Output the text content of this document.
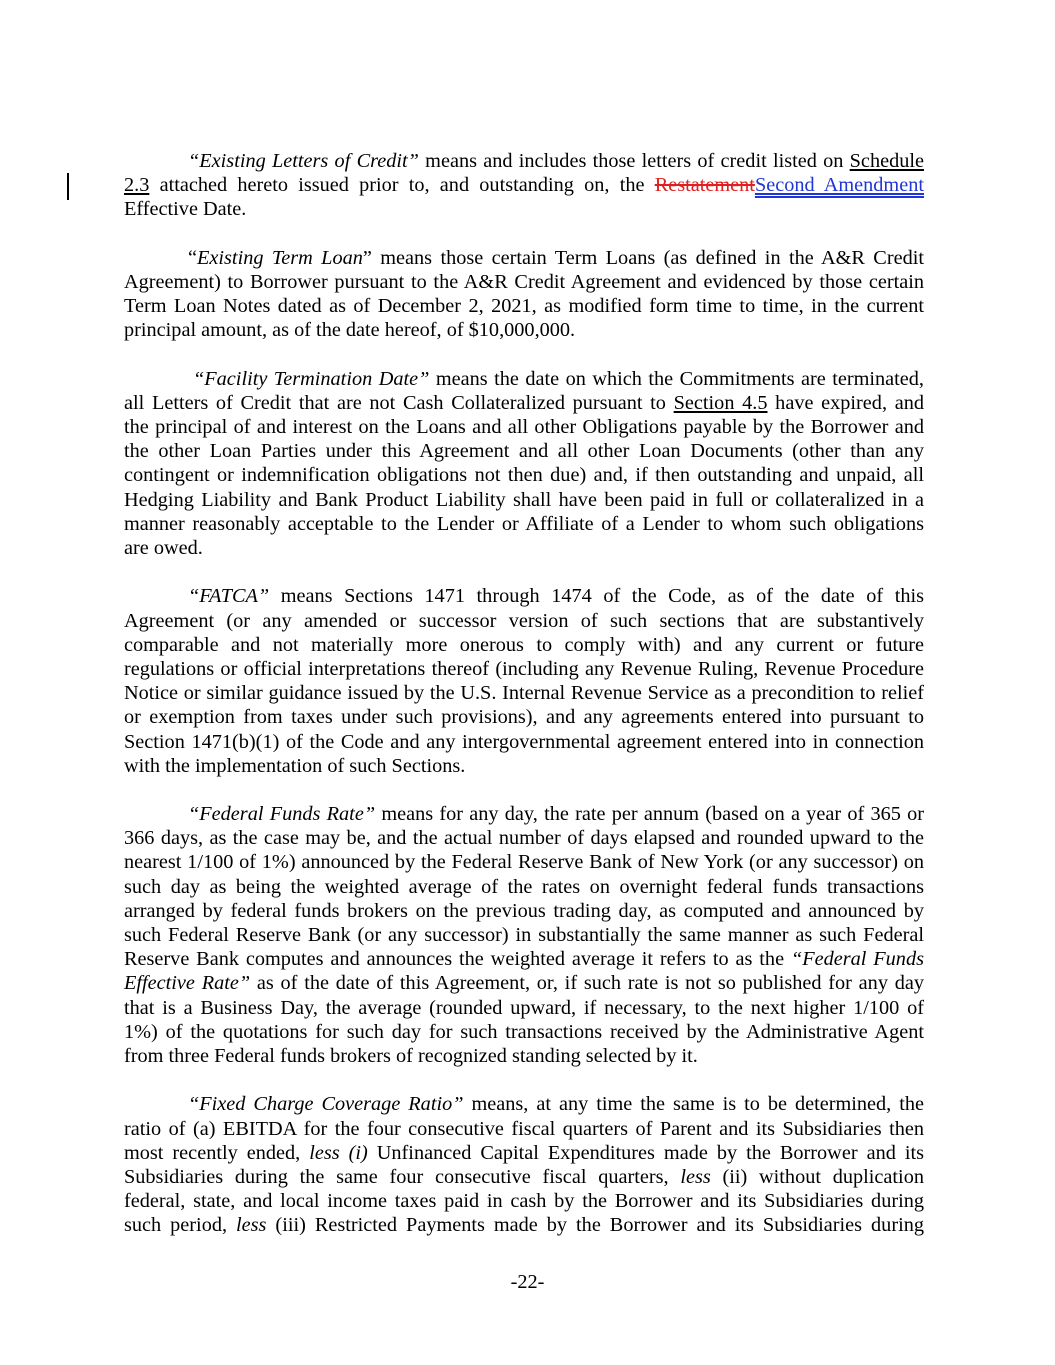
“Existing Letters of Credit” means and includes those letters of credit listed on Schedule
2.3 attached hereto issued prior to, and outstanding on, the RestatementSecond Amendment
Effective Date.
“Existing Term Loan” means those certain Term Loans (as defined in the A&R Credit
Agreement) to Borrower pursuant to the A&R Credit Agreement and evidenced by those certain
Term Loan Notes dated as of December 2, 2021, as modified form time to time, in the current
principal amount, as of the date hereof, of $10,000,000.
“Facility Termination Date” means the date on which the Commitments are terminated,
all Letters of Credit that are not Cash Collateralized pursuant to Section 4.5 have expired, and
the principal of and interest on the Loans and all other Obligations payable by the Borrower and
the other Loan Parties under this Agreement and all other Loan Documents (other than any
contingent or indemnification obligations not then due) and, if then outstanding and unpaid, all
Hedging Liability and Bank Product Liability shall have been paid in full or collateralized in a
manner reasonably acceptable to the Lender or Affiliate of a Lender to whom such obligations
are owed.
“FATCA” means Sections 1471 through 1474 of the Code, as of the date of this
Agreement (or any amended or successor version of such sections that are substantively
comparable and not materially more onerous to comply with) and any current or future
regulations or official interpretations thereof (including any Revenue Ruling, Revenue Procedure
Notice or similar guidance issued by the U.S. Internal Revenue Service as a precondition to relief
or exemption from taxes under such provisions), and any agreements entered into pursuant to
Section 1471(b)(1) of the Code and any intergovernmental agreement entered into in connection
with the implementation of such Sections.
“Federal Funds Rate” means for any day, the rate per annum (based on a year of 365 or
366 days, as the case may be, and the actual number of days elapsed and rounded upward to the
nearest 1/100 of 1%) announced by the Federal Reserve Bank of New York (or any successor) on
such day as being the weighted average of the rates on overnight federal funds transactions
arranged by federal funds brokers on the previous trading day, as computed and announced by
such Federal Reserve Bank (or any successor) in substantially the same manner as such Federal
Reserve Bank computes and announces the weighted average it refers to as the “Federal Funds
Effective Rate” as of the date of this Agreement, or, if such rate is not so published for any day
that is a Business Day, the average (rounded upward, if necessary, to the next higher 1/100 of
1%) of the quotations for such day for such transactions received by the Administrative Agent
from three Federal funds brokers of recognized standing selected by it.
“Fixed Charge Coverage Ratio” means, at any time the same is to be determined, the
ratio of (a) EBITDA for the four consecutive fiscal quarters of Parent and its Subsidiaries then
most recently ended, less (i) Unfinanced Capital Expenditures made by the Borrower and its
Subsidiaries during the same four consecutive fiscal quarters, less (ii) without duplication
federal, state, and local income taxes paid in cash by the Borrower and its Subsidiaries during
such period, less (iii) Restricted Payments made by the Borrower and its Subsidiaries during
-22-
